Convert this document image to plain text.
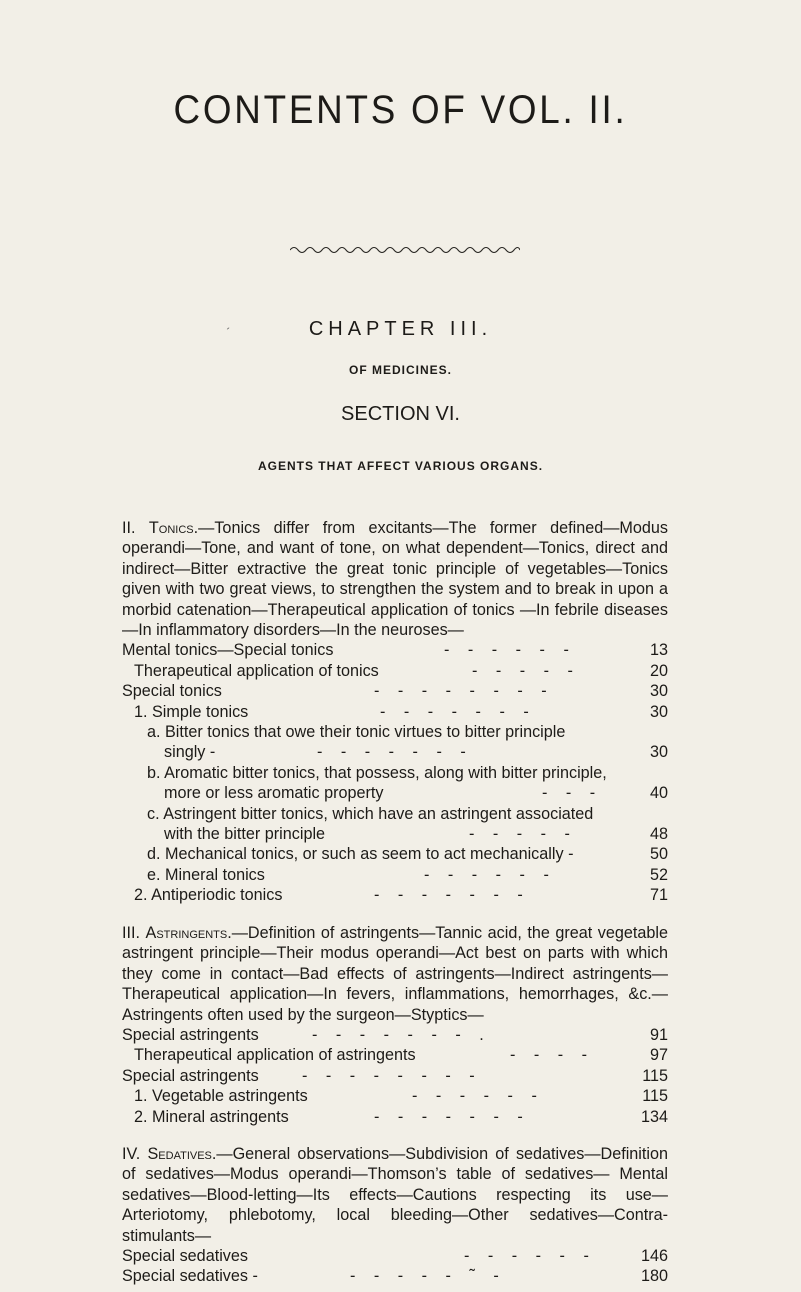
CONTENTS OF VOL. II.
´	CHAPTER III.
OF MEDICINES.
SECTION VI.
AGENTS THAT AFFECT VARIOUS ORGANS.
II. Tonics.—Tonics differ from excitants—The former defined—Modus operandi—Tone, and want of tone, on what dependent—Tonics, direct and indirect—Bitter extractive the great tonic principle of vegetables—Tonics given with two great views, to strengthen the system and to break in upon a morbid catenation—Therapeutical application of tonics —In febrile diseases—In inflammatory disorders—In the neuroses—
Mental tonics—Special tonics	- - - - - -	13
Therapeutical application of tonics	- - - - -	20
Special tonics	- - - - - - - -	30
1. Simple tonics	- - - - - - -	30
a. Bitter tonics that owe their tonic virtues to bitter principle
singly -	- - - - - - -	30
b. Aromatic bitter tonics, that possess, along with bitter principle,
more or less aromatic property	- - -	40
c. Astringent bitter tonics, which have an astringent associated
with the bitter principle	- - - - -	48
d. Mechanical tonics, or such as seem to act mechanically -	50
e. Mineral tonics	- - - - - -	52
2. Antiperiodic tonics	- - - - - - -	71
III. Astringents.—Definition of astringents—Tannic acid, the great vegetable astringent principle—Their modus operandi—Act best on parts with which they come in contact—Bad effects of astringents—Indirect astringents—Therapeutical application—In fevers, inflammations, hemorrhages, &c.—Astringents often used by the surgeon—Styptics—
Special astringents	- - - - - - - .	91
Therapeutical application of astringents	- - - -	97
Special astringents	- - - - - - - -	115
1. Vegetable astringents	- - - - - -	115
2. Mineral astringents	- - - - - - -	134
IV. Sedatives.—General observations—Subdivision of sedatives—Definition of sedatives—Modus operandi—Thomson’s table of sedatives— Mental sedatives—Blood-letting—Its effects—Cautions respecting its use—Arteriotomy, phlebotomy, local bleeding—Other sedatives—Contra-stimulants—
Special sedatives	- - - - - -	146
Special sedatives -	- - - - - ˜ -	180
